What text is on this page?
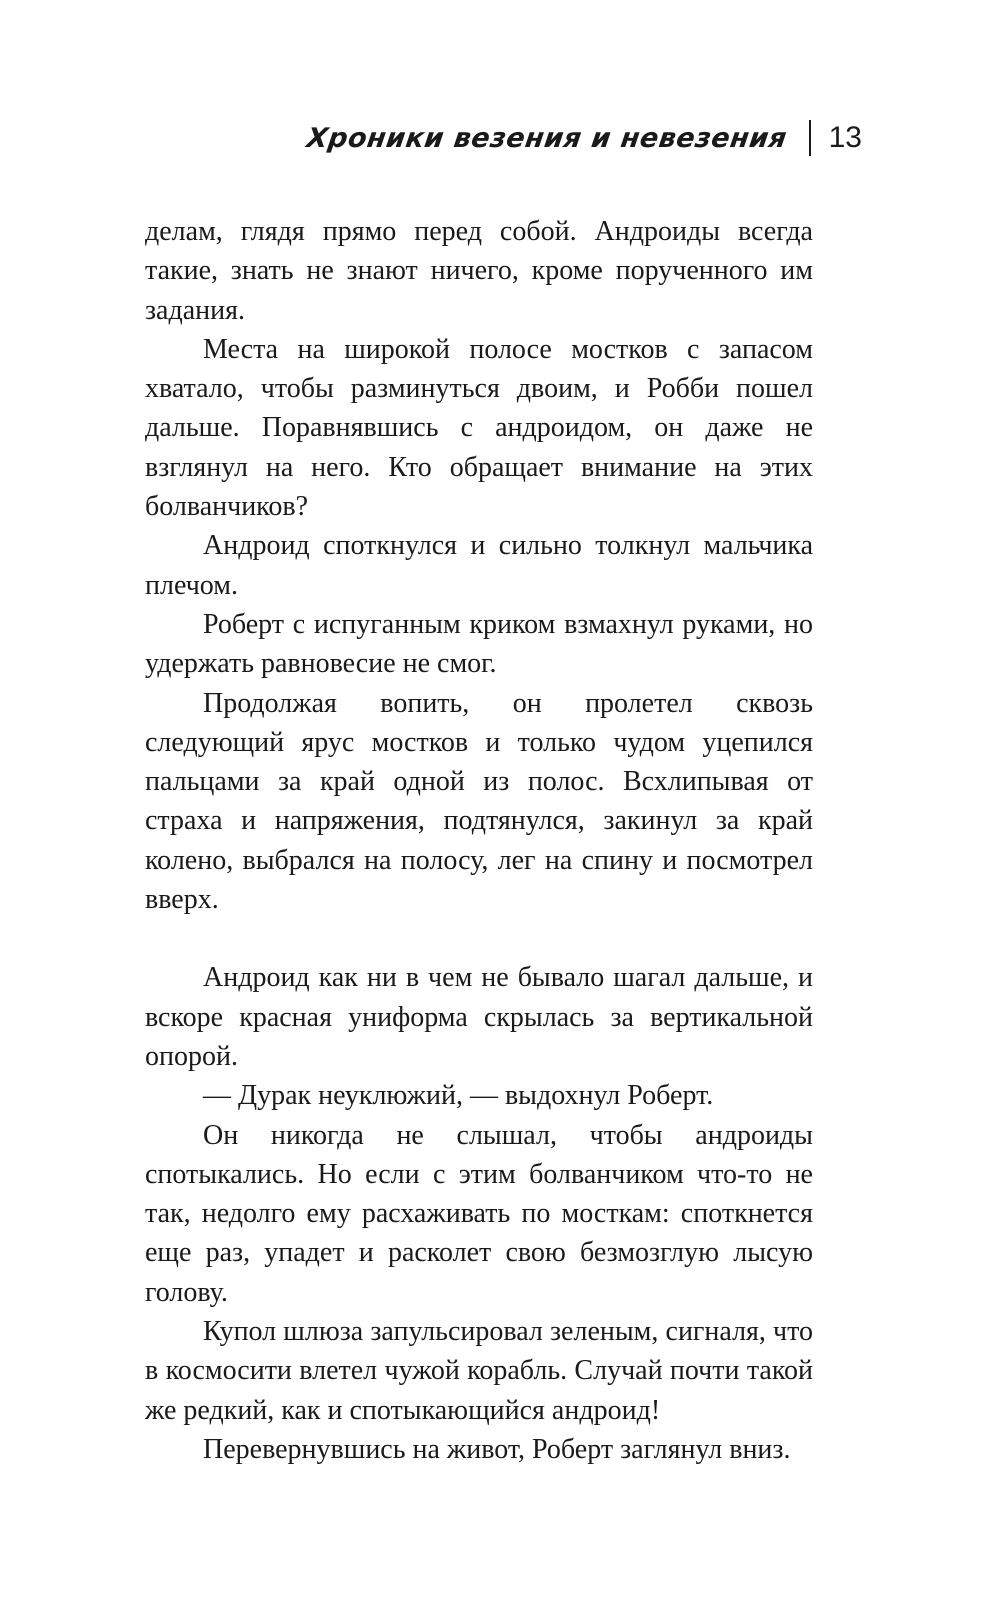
Хроники везения и невезения 13

делам, глядя прямо перед собой. Андроиды всегда такие, знать не знают ничего, кроме порученного им задания.

Места на широкой полосе мостков с запасом хватало, чтобы разминуться двоим, и Робби пошел дальше. Поравнявшись с андроидом, он даже не взглянул на него. Кто обращает внимание на этих болванчиков?

Андроид споткнулся и сильно толкнул мальчика плечом.

Роберт с испуганным криком взмахнул руками, но удержать равновесие не смог.

Продолжая вопить, он пролетел сквозь следующий ярус мостков и только чудом уцепился пальцами за край одной из полос. Всхлипывая от страха и напряжения, подтянулся, закинул за край колено, выбрался на полосу, лег на спину и посмотрел вверх.

Андроид как ни в чем не бывало шагал дальше, и вскоре красная униформа скрылась за вертикальной опорой.

— Дурак неуклюжий, — выдохнул Роберт.

Он никогда не слышал, чтобы андроиды спотыкались. Но если с этим болванчиком что-то не так, недолго ему расхаживать по мосткам: споткнется еще раз, упадет и расколет свою безмозглую лысую голову.

Купол шлюза запульсировал зеленым, сигналя, что в космосити влетел чужой корабль. Случай почти такой же редкий, как и спотыкающийся андроид!

Перевернувшись на живот, Роберт заглянул вниз.
